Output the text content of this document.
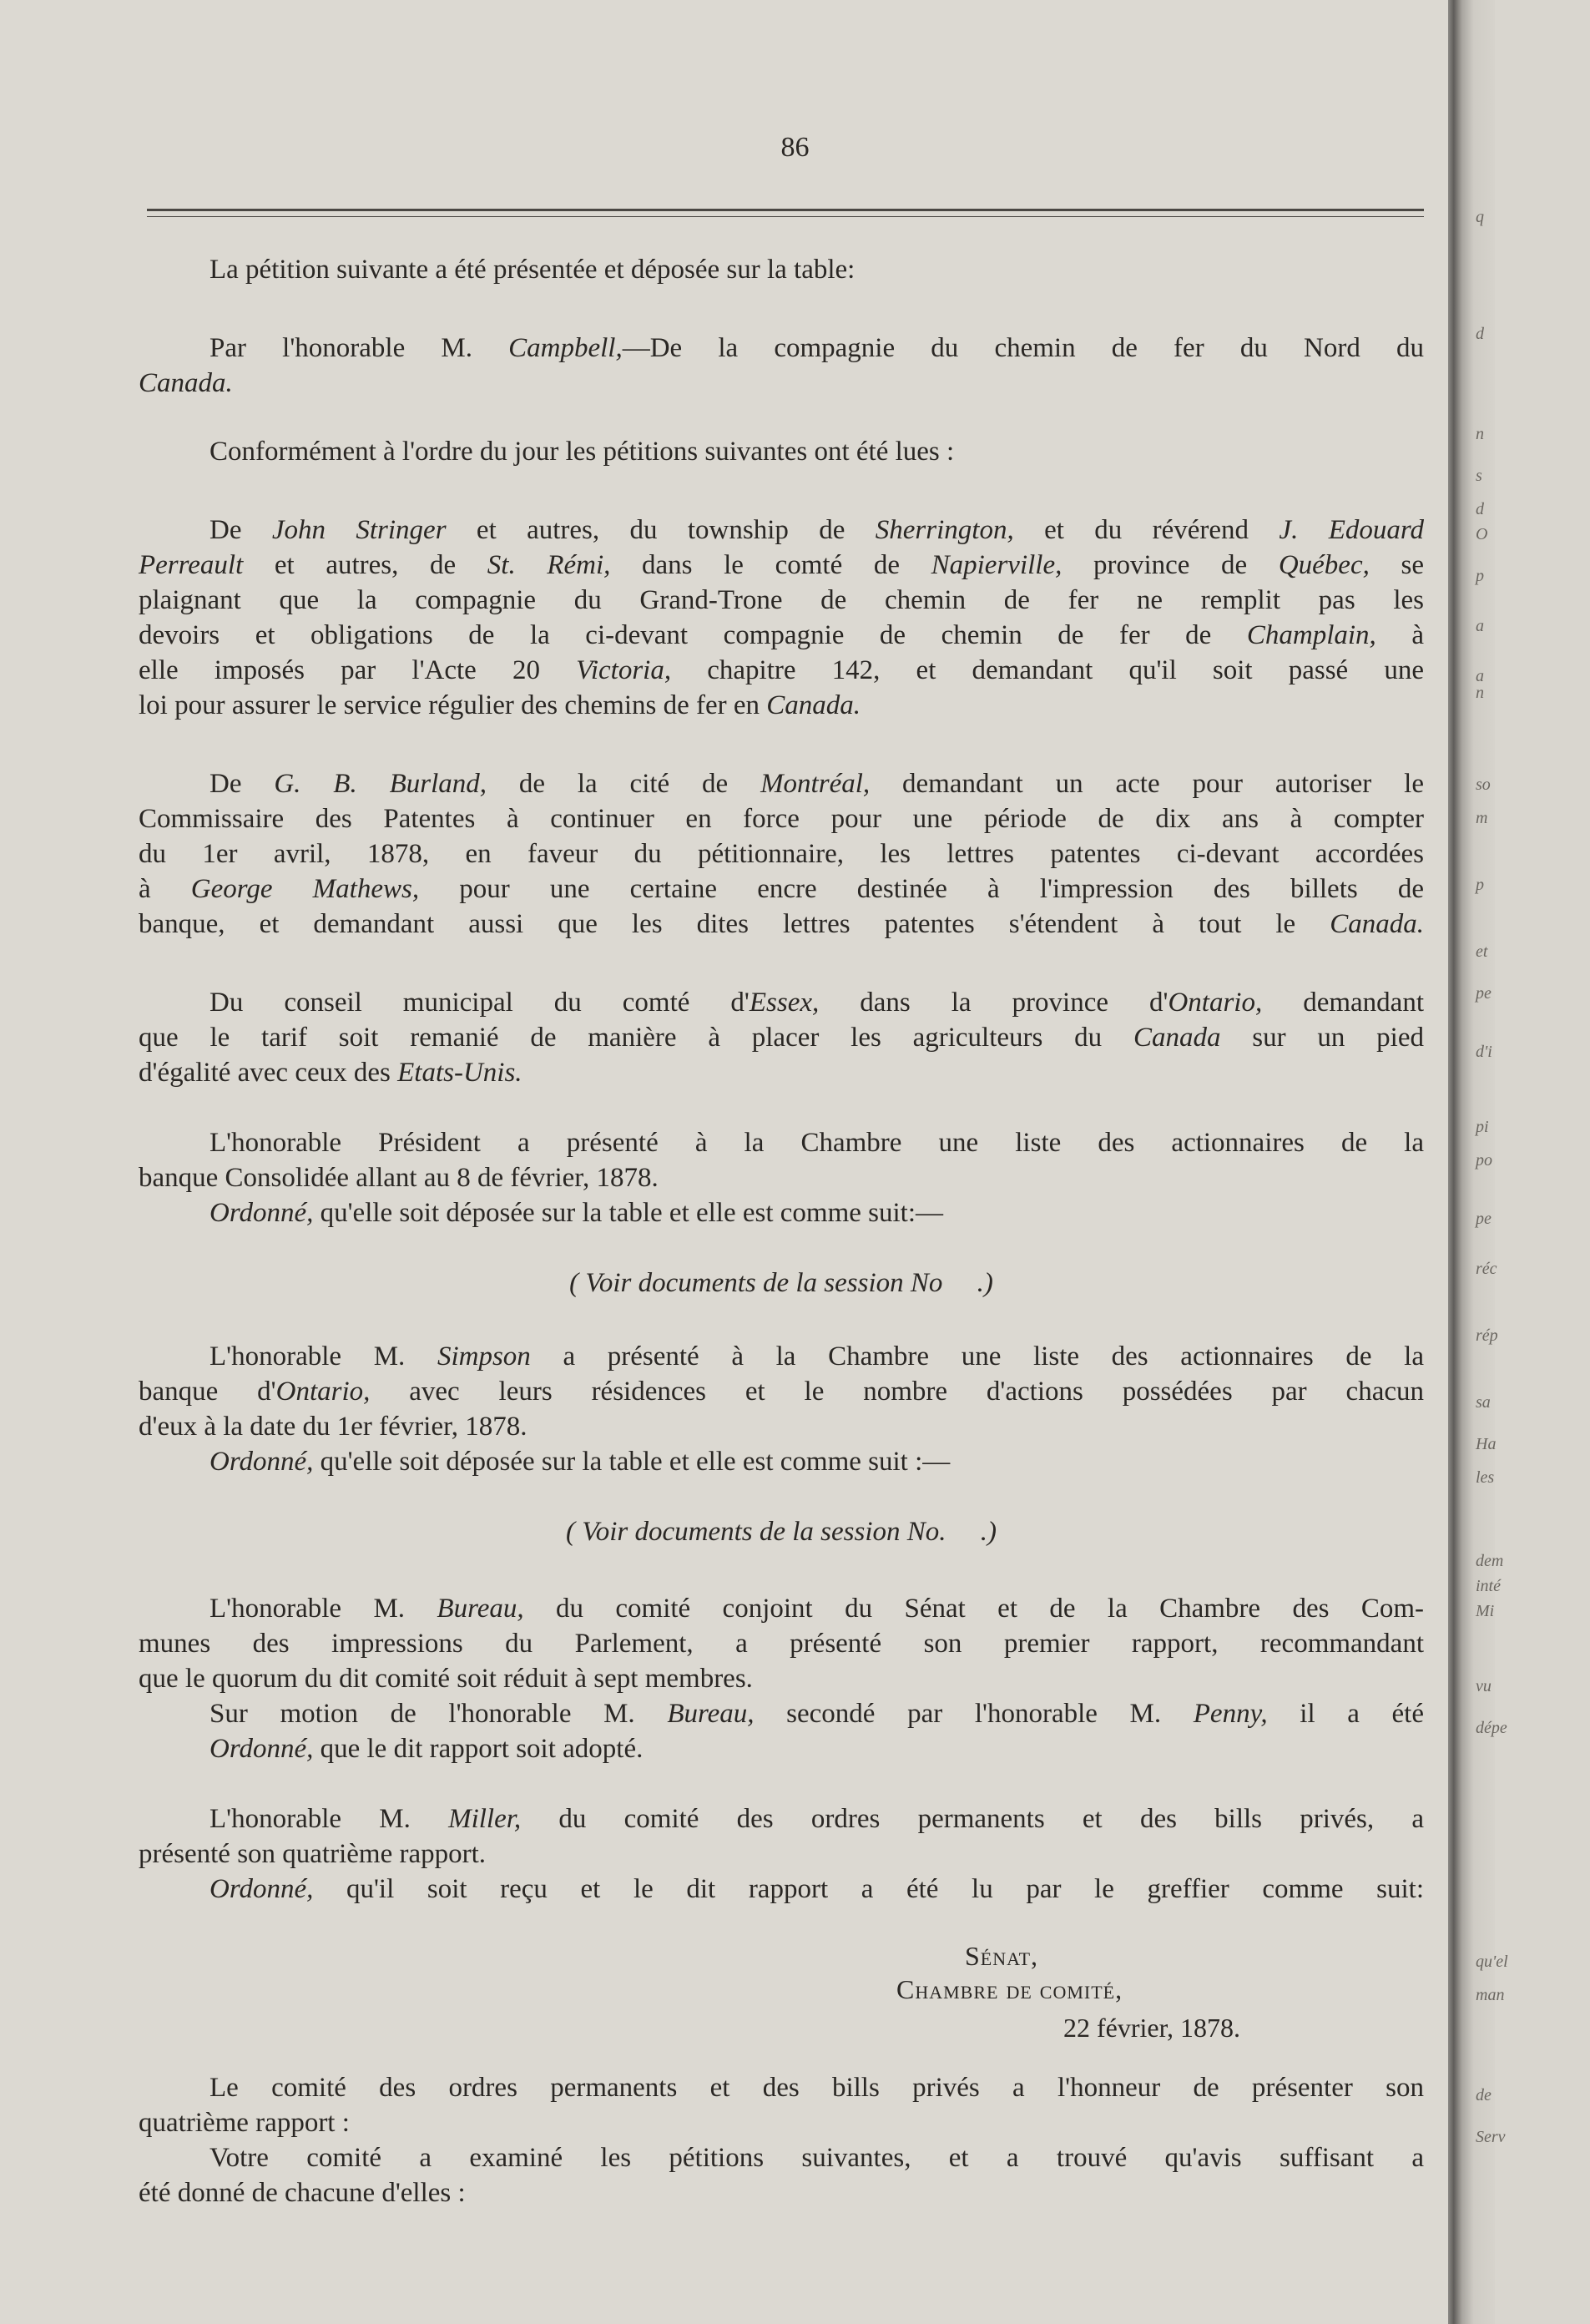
86
La pétition suivante a été présentée et déposée sur la table:
Par l'honorable M. Campbell,—De la compagnie du chemin de fer du Nord du
Canada.
Conformément à l'ordre du jour les pétitions suivantes ont été lues :
De John Stringer et autres, du township de Sherrington, et du révérend J. Edouard
Perreault et autres, de St. Rémi, dans le comté de Napierville, province de Québec, se
plaignant que la compagnie du Grand-Trone de chemin de fer ne remplit pas les
devoirs et obligations de la ci-devant compagnie de chemin de fer de Champlain, à
elle imposés par l'Acte 20 Victoria, chapitre 142, et demandant qu'il soit passé une
loi pour assurer le service régulier des chemins de fer en Canada.
De G. B. Burland, de la cité de Montréal, demandant un acte pour autoriser le
Commissaire des Patentes à continuer en force pour une période de dix ans à compter
du 1er avril, 1878, en faveur du pétitionnaire, les lettres patentes ci-devant accordées
à George Mathews, pour une certaine encre destinée à l'impression des billets de
banque, et demandant aussi que les dites lettres patentes s'étendent à tout le Canada.
Du conseil municipal du comté d'Essex, dans la province d'Ontario, demandant
que le tarif soit remanié de manière à placer les agriculteurs du Canada sur un pied
d'égalité avec ceux des Etats-Unis.
L'honorable Président a présenté à la Chambre une liste des actionnaires de la
banque Consolidée allant au 8 de février, 1878.
Ordonné, qu'elle soit déposée sur la table et elle est comme suit:—
( Voir documents de la session No     .)
L'honorable M. Simpson a présenté à la Chambre une liste des actionnaires de la
banque d'Ontario, avec leurs résidences et le nombre d'actions possédées par chacun
d'eux à la date du 1er février, 1878.
Ordonné, qu'elle soit déposée sur la table et elle est comme suit :—
( Voir documents de la session No.     .)
L'honorable M. Bureau, du comité conjoint du Sénat et de la Chambre des Com-
munes des impressions du Parlement, a présenté son premier rapport, recommandant
que le quorum du dit comité soit réduit à sept membres.
Sur motion de l'honorable M. Bureau, secondé par l'honorable M. Penny, il a été
Ordonné, que le dit rapport soit adopté.
L'honorable M. Miller, du comité des ordres permanents et des bills privés, a
présenté son quatrième rapport.
Ordonné, qu'il soit reçu et le dit rapport a été lu par le greffier comme suit:
Sénat,
Chambre de comité,
22 février, 1878.
Le comité des ordres permanents et des bills privés a l'honneur de présenter son
quatrième rapport :
Votre comité a examiné les pétitions suivantes, et a trouvé qu'avis suffisant a
été donné de chacune d'elles :
q
d
n
s
d
O
p
a
a
n
so
m
p
et
pe
d'i
pi
po
pe
réc
rép
sa
Ha
les
dem
inté
Mi
vu
dépe
qu'el
man
de
Serv
